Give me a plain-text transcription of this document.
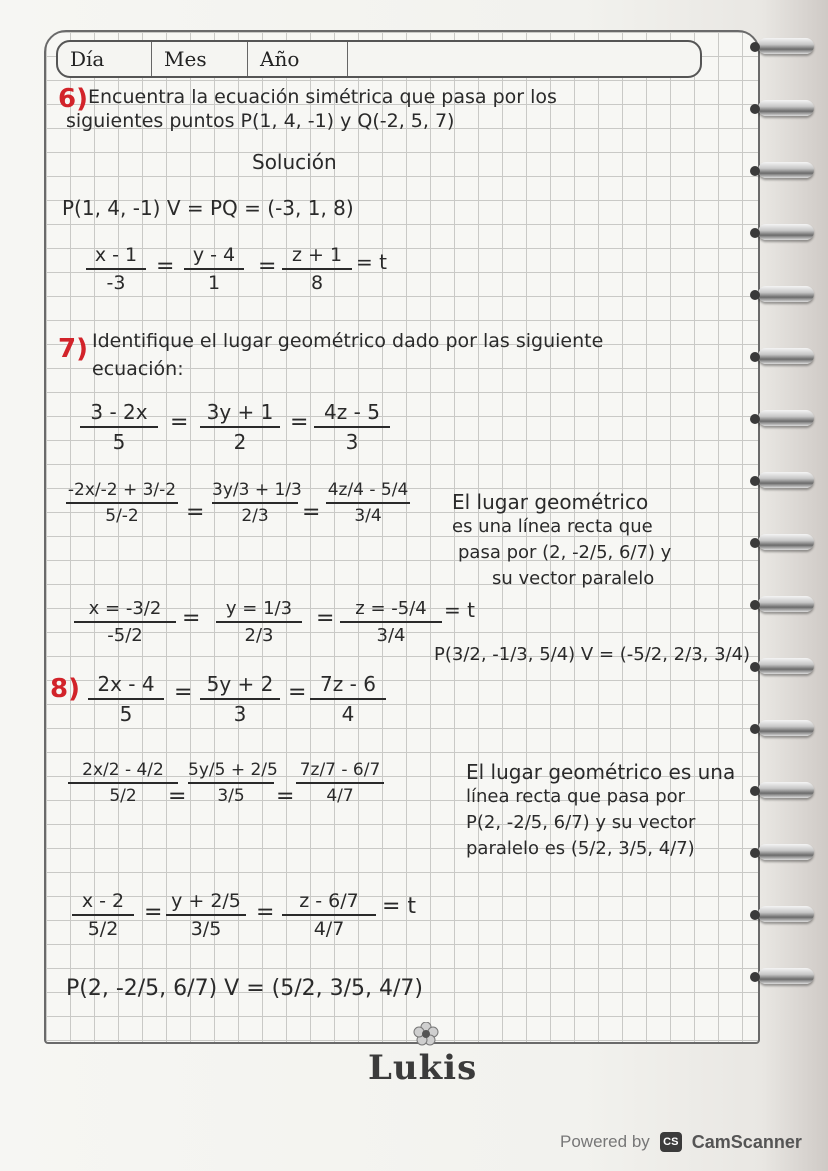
Día	Mes	Año
6) Encuentra la ecuación simétrica que pasa por los
siguientes puntos P(1, 4, -1) y Q(-2, 5, 7)
Solución
P(1, 4, -1) V = PQ = (-3, 1, 8)
x - 1
-3
= y - 4
1
= z + 1
8
= t
7) Identifique el lugar geométrico dado por las siguiente
ecuación:
3 - 2x
5
= 3y + 1
2
= 4z - 5
3
-2x/-2 + 3/-2
5/-2	=
3y/3 + 1/3
2/3	=
4z/4 - 5/4
3/4
El lugar geométrico
es una línea recta que
pasa por (2, -2/5, 6/7) y
su vector paralelo
x = -3/2
-5/2
=	y = 1/3
2/3
=	z = -5/4
3/4
= t
P(3/2, -1/3, 5/4) V = (-5/2, 2/3, 3/4)
8) 2x - 4
5
= 5y + 2
3
= 7z - 6
4
2x/2 - 4/2
5/2	=
5y/5 + 2/5
3/5	=
7z/7 - 6/7
4/7
El lugar geométrico es una
línea recta que pasa por
P(2, -2/5, 6/7) y su vector
paralelo es (5/2, 3/5, 4/7)
x - 2
5/2
= y + 2/5
3/5
=	z - 6/7
4/7
= t
P(2, -2/5, 6/7) V = (5/2, 3/5, 4/7)
Lukis
Powered by	CS CamScanner
